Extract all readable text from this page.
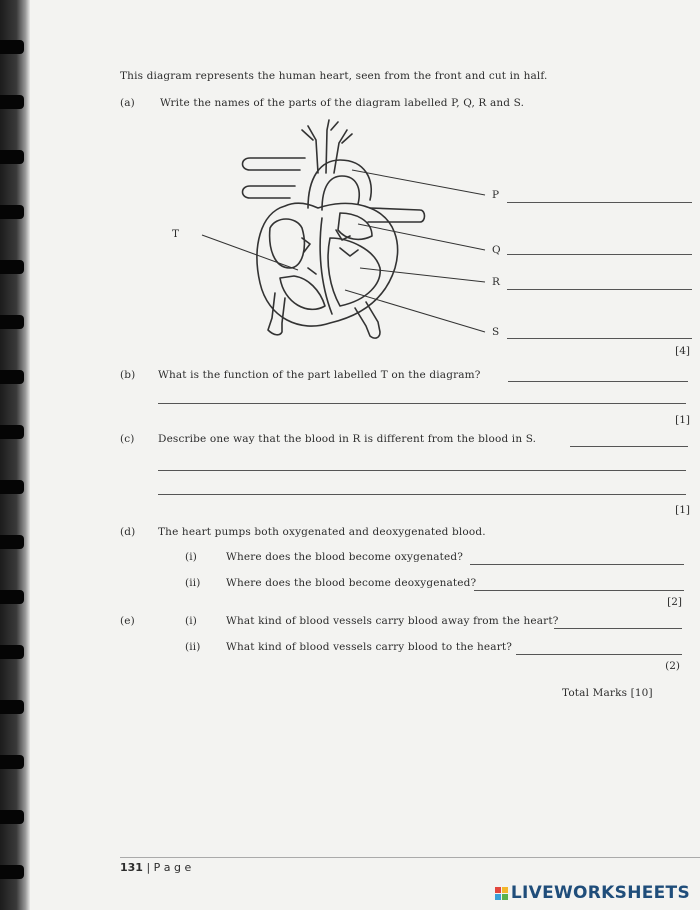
This diagram represents the human heart, seen from the front and cut in half.
(a) Write the names of the parts of the diagram labelled P, Q, R and S.
T
P
Q
R
S
[4]
(b) What is the function of the part labelled T on the diagram?
[1]
(c) Describe one way that the blood in R is different from the blood in S.
[1]
(d) The heart pumps both oxygenated and deoxygenated blood.
(i)	Where does the blood become oxygenated?
(ii) Where does the blood become deoxygenated?
[2]
(e)	(i)	What kind of blood vessels carry blood away from the heart?
(ii) What kind of blood vessels carry blood to the heart?
(2)
Total Marks [10]
131 | P a g e
LIVEWORKSHEETS
